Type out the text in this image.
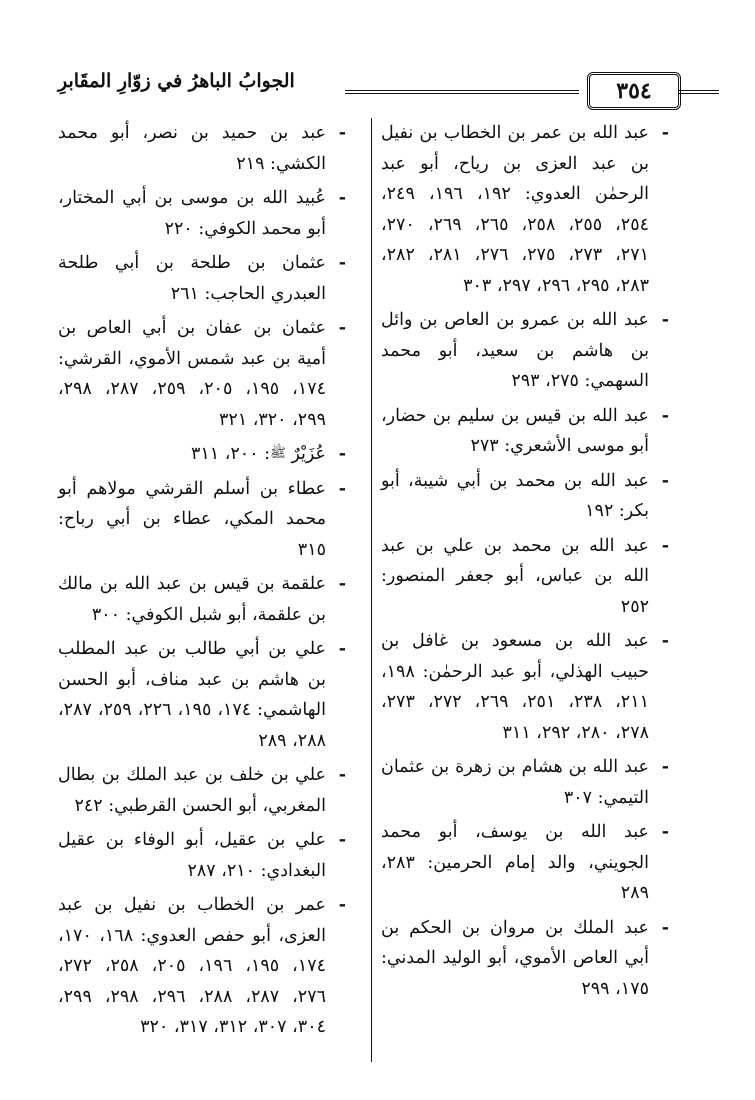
الجوابُ الباهرُ في زوّارِ المقَابرِ	٣٥٤
- عبد الله بن عمر بن الخطاب بن نفيل بن عبد العزى بن رياح، أبو عبد الرحمٰن العدوي: ١٩٢، ١٩٦، ٢٤٩، ٢٥٤، ٢٥٥، ٢٥٨، ٢٦٥، ٢٦٩، ٢٧٠، ٢٧١، ٢٧٣، ٢٧٥، ٢٧٦، ٢٨١، ٢٨٢، ٢٨٣، ٢٩٥، ٢٩٦، ٢٩٧، ٣٠٣
- عبد الله بن عمرو بن العاص بن وائل بن هاشم بن سعيد، أبو محمد السهمي: ٢٧٥، ٢٩٣
- عبد الله بن قيس بن سليم بن حضار، أبو موسى الأشعري: ٢٧٣
- عبد الله بن محمد بن أبي شيبة، أبو بكر: ١٩٢
- عبد الله بن محمد بن علي بن عبد الله بن عباس، أبو جعفر المنصور: ٢٥٢
- عبد الله بن مسعود بن غافل بن حبيب الهذلي، أبو عبد الرحمٰن: ١٩٨، ٢١١، ٢٣٨، ٢٥١، ٢٦٩، ٢٧٢، ٢٧٣، ٢٧٨، ٢٨٠، ٢٩٢، ٣١١
- عبد الله بن هشام بن زهرة بن عثمان التيمي: ٣٠٧
- عبد الله بن يوسف، أبو محمد الجويني، والد إمام الحرمين: ٢٨٣، ٢٨٩
- عبد الملك بن مروان بن الحكم بن أبي العاص الأموي، أبو الوليد المدني: ١٧٥، ٢٩٩
- عبد بن حميد بن نصر، أبو محمد الكشي: ٢١٩
- عُبيد الله بن موسى بن أبي المختار، أبو محمد الكوفي: ٢٢٠
- عثمان بن طلحة بن أبي طلحة العبدري الحاجب: ٢٦١
- عثمان بن عفان بن أبي العاص بن أمية بن عبد شمس الأموي، القرشي: ١٧٤، ١٩٥، ٢٠٥، ٢٥٩، ٢٨٧، ٢٩٨، ٢٩٩، ٣٢٠، ٣٢١
- عُزَيْرٌ ﷺ: ٢٠٠، ٣١١
- عطاء بن أسلم القرشي مولاهم أبو محمد المكي، عطاء بن أبي رباح: ٣١٥
- علقمة بن قيس بن عبد الله بن مالك بن علقمة، أبو شبل الكوفي: ٣٠٠
- علي بن أبي طالب بن عبد المطلب بن هاشم بن عبد مناف، أبو الحسن الهاشمي: ١٧٤، ١٩٥، ٢٢٦، ٢٥٩، ٢٨٧، ٢٨٨، ٢٨٩
- علي بن خلف بن عبد الملك بن بطال المغربي، أبو الحسن القرطبي: ٢٤٢
- علي بن عقيل، أبو الوفاء بن عقيل البغدادي: ٢١٠، ٢٨٧
- عمر بن الخطاب بن نفيل بن عبد العزى، أبو حفص العدوي: ١٦٨، ١٧٠، ١٧٤، ١٩٥، ١٩٦، ٢٠٥، ٢٥٨، ٢٧٢، ٢٧٦، ٢٨٧، ٢٨٨، ٢٩٦، ٢٩٨، ٢٩٩، ٣٠٤، ٣٠٧، ٣١٢، ٣١٧، ٣٢٠
